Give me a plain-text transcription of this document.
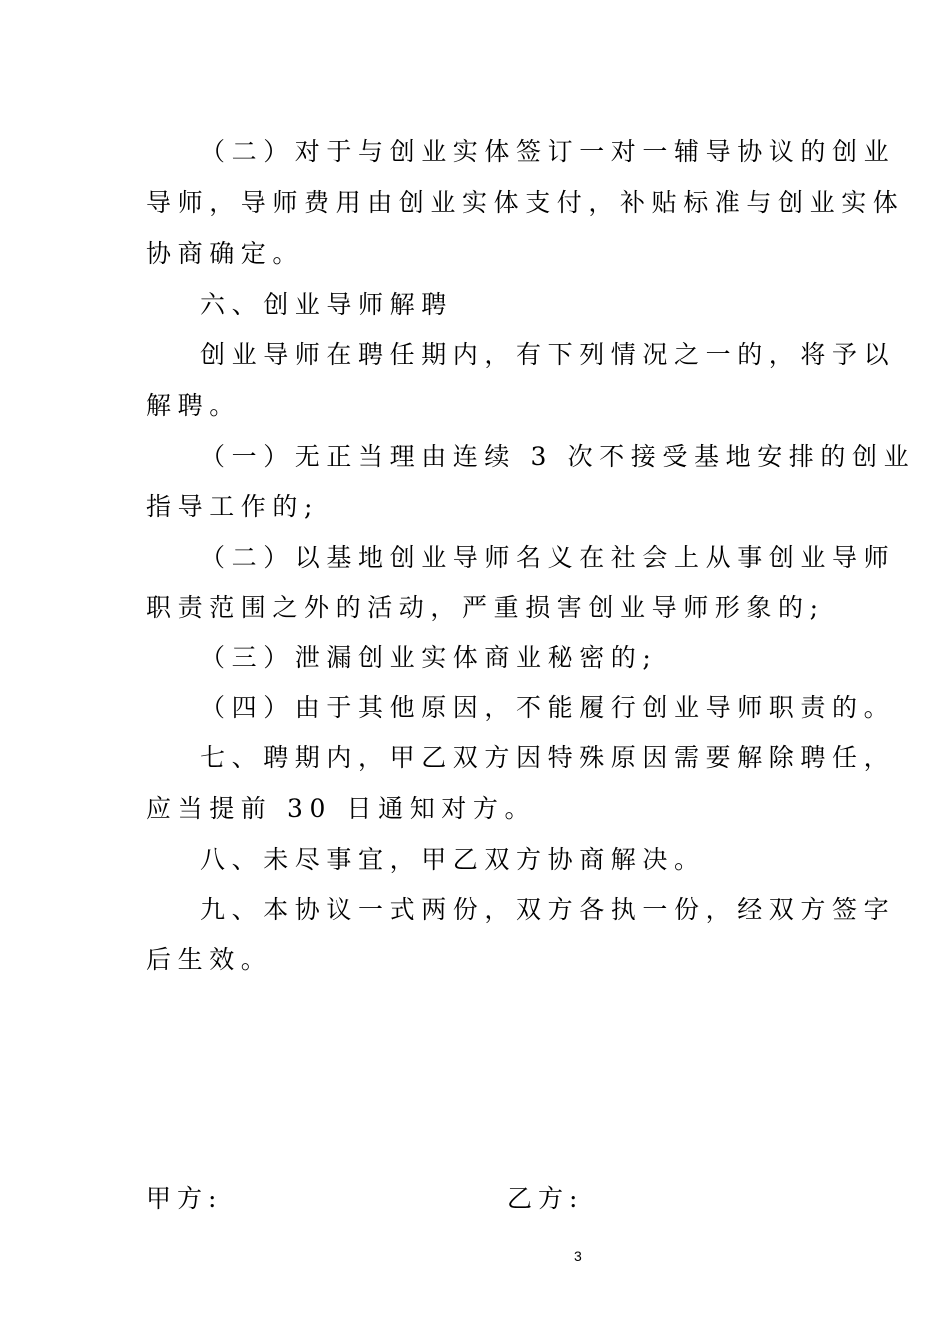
（二）对于与创业实体签订一对一辅导协议的创业
导师，导师费用由创业实体支付，补贴标准与创业实体
协商确定。
六、创业导师解聘
创业导师在聘任期内，有下列情况之一的，将予以
解聘。
（一）无正当理由连续 3 次不接受基地安排的创业
指导工作的;
（二）以基地创业导师名义在社会上从事创业导师
职责范围之外的活动，严重损害创业导师形象的;
（三）泄漏创业实体商业秘密的;
（四）由于其他原因，不能履行创业导师职责的。
七、聘期内，甲乙双方因特殊原因需要解除聘任，
应当提前 30 日通知对方。
八、未尽事宜，甲乙双方协商解决。
九、本协议一式两份，双方各执一份，经双方签字
后生效。
甲方:	乙方:
3
